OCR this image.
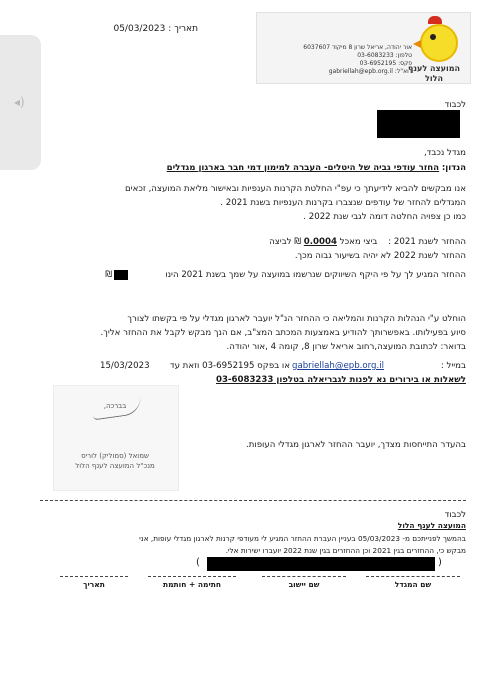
◂)
תאריך : 05/03/2023
המועצה לענף הלול
אור יהודה, אריאל שרון 8 מיקוד 6037607
טלפון: 03-6083233
פקס: 03-6952195
דוא"ל: gabriellah@epb.org.il
לכבוד
מגדל נכבד,
הנדון: החזר עודפי גביה של היטלים- העברה למימון דמי חבר בארגון מגדלים
אנו מבקשים להביא לידיעתך כי עפ"י החלטת הקרנות הענפיות ובאישור מליאת המועצה, זכאים
המגדלים להחזר של עודפים שנצברו בקרנות הענפיות בשנת 2021 .
כמו כן צפויה החלטה דומה לגבי שנת 2022 .
ההחזר לשנת 2021 :    ביצי מאכל 0.0004 ₪ לביצה
ההחזר לשנת 2022 לא יהיה בשיעור גבוה מכך.
ההחזר המגיע לך על פי היקף השיווקים שנרשמו במועצה על שמך בשנת 2021 הינו
₪
הוחלט ע"י הנהלות הקרנות והמליאה כי ההחזר הנ"ל יועבר לארגון מגדלי על פי בקשתו לצורך
סיוע בפעילותו. באפשרותך להודיע באמצעות המכתב המצ"ב, אם הנך מבקש לקבל את ההחזר אליך.
בדואר: לכתובת המועצה,רחוב אריאל שרון 8, קומה 4 ,אור יהודה.
במייל :
gabriellah@epb.org.il
או בפקס 03-6952195 וזאת עד
15/03/2023
לשאלות או בירורים נא לפנות לגבריאלה בטלפון 03-6083233
בברכה,
שמואל (סמוליק) לוריס
מנכ"ל המועצה לענף הלול
בהעדר התייחסות מצדך, יועבר ההחזר לארגון מגדלי העופות.
לכבוד
המועצה לענף הלול
בהמשך לפנייתכם מ- 05/03/2023 בעניין העברת ההחזר המגיע לי מעודפי קרנות לארגון מגדלי עופות, אני
מבקש כי, ההחזרים בגין 2021 וכן ההחזרים בגין שנת 2022 יועברו ישירות אלי.
(	)
שם המגדל
שם יישוב
חתימה + חותמת
תאריך
